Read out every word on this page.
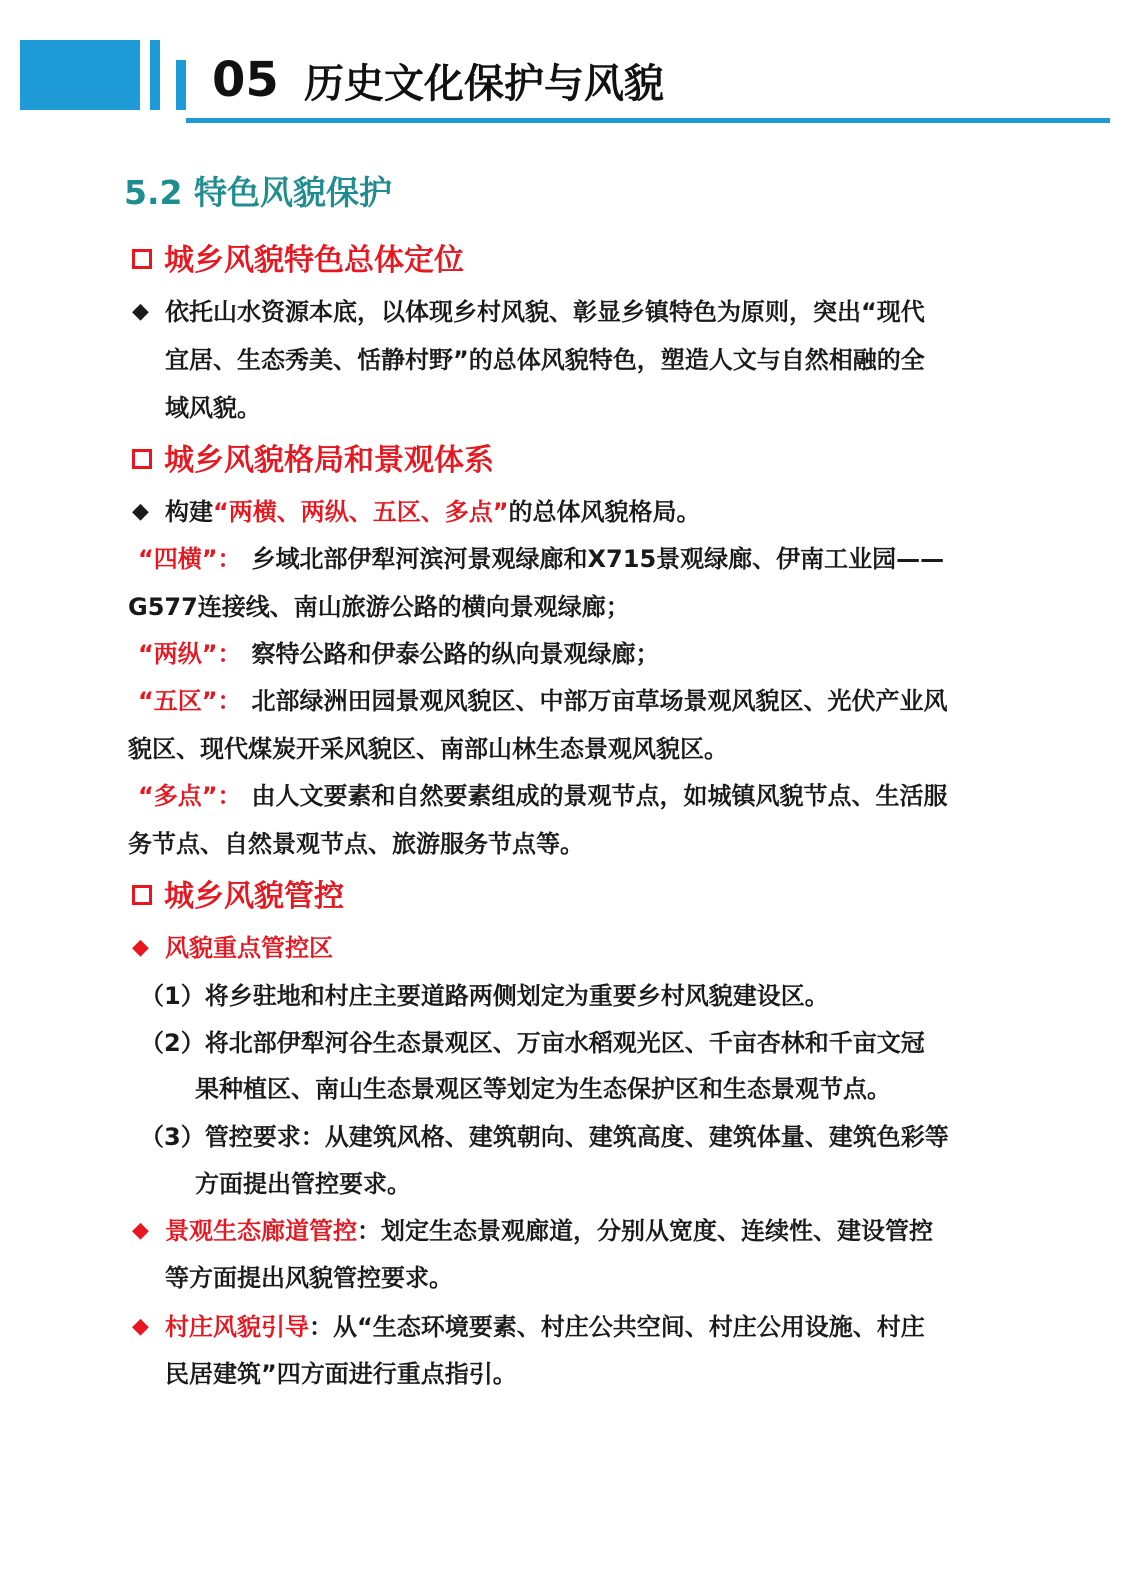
05 历史文化保护与风貌
5.2 特色风貌保护
城乡风貌特色总体定位
◆ 依托山水资源本底，以体现乡村风貌、彰显乡镇特色为原则，突出“现代
宜居、生态秀美、恬静村野”的总体风貌特色，塑造人文与自然相融的全
域风貌。
城乡风貌格局和景观体系
◆ 构建“两横、两纵、五区、多点”的总体风貌格局。
“四横”： 乡域北部伊犁河滨河景观绿廊和X715景观绿廊、伊南工业园——
G577连接线、南山旅游公路的横向景观绿廊；
“两纵”： 察特公路和伊泰公路的纵向景观绿廊；
“五区”： 北部绿洲田园景观风貌区、中部万亩草场景观风貌区、光伏产业风
貌区、现代煤炭开采风貌区、南部山林生态景观风貌区。
“多点”： 由人文要素和自然要素组成的景观节点，如城镇风貌节点、生活服
务节点、自然景观节点、旅游服务节点等。
城乡风貌管控
◆ 风貌重点管控区
（1）将乡驻地和村庄主要道路两侧划定为重要乡村风貌建设区。
（2）将北部伊犁河谷生态景观区、万亩水稻观光区、千亩杏林和千亩文冠
果种植区、南山生态景观区等划定为生态保护区和生态景观节点。
（3）管控要求：从建筑风格、建筑朝向、建筑高度、建筑体量、建筑色彩等
方面提出管控要求。
◆ 景观生态廊道管控：划定生态景观廊道，分别从宽度、连续性、建设管控
等方面提出风貌管控要求。
◆ 村庄风貌引导：从“生态环境要素、村庄公共空间、村庄公用设施、村庄
民居建筑”四方面进行重点指引。
